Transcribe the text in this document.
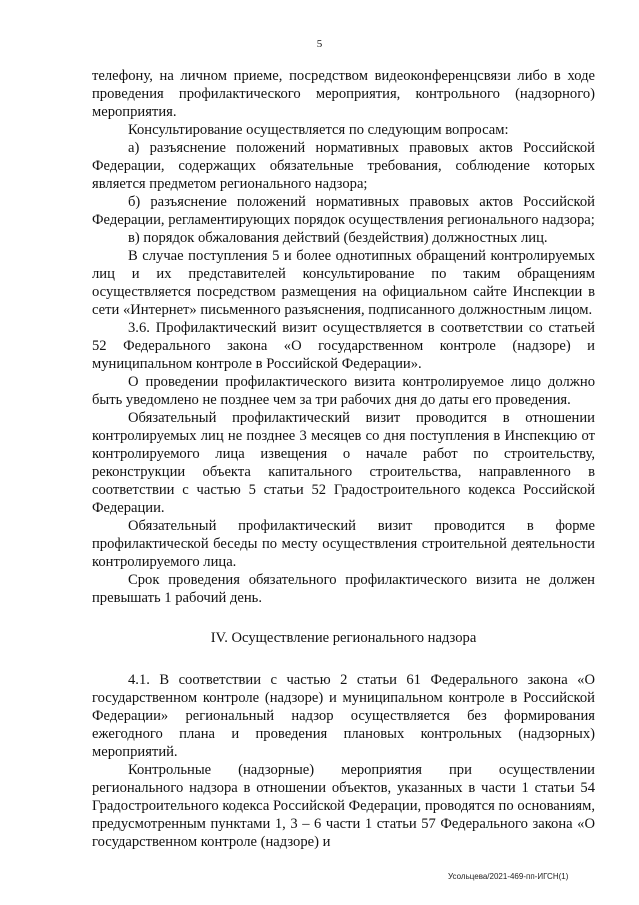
5

телефону, на личном приеме, посредством видеоконференцсвязи либо в ходе проведения профилактического мероприятия, контрольного (надзорного) мероприятия.

Консультирование осуществляется по следующим вопросам:

а) разъяснение положений нормативных правовых актов Российской Федерации, содержащих обязательные требования, соблюдение которых является предметом регионального надзора;

б) разъяснение положений нормативных правовых актов Российской Федерации, регламентирующих порядок осуществления регионального надзора;

в) порядок обжалования действий (бездействия) должностных лиц.

В случае поступления 5 и более однотипных обращений контролируемых лиц и их представителей консультирование по таким обращениям осуществляется посредством размещения на официальном сайте Инспекции в сети «Интернет» письменного разъяснения, подписанного должностным лицом.

3.6. Профилактический визит осуществляется в соответствии со статьей 52 Федерального закона «О государственном контроле (надзоре) и муниципальном контроле в Российской Федерации».

О проведении профилактического визита контролируемое лицо должно быть уведомлено не позднее чем за три рабочих дня до даты его проведения.

Обязательный профилактический визит проводится в отношении контролируемых лиц не позднее 3 месяцев со дня поступления в Инспекцию от контролируемого лица извещения о начале работ по строительству, реконструкции объекта капитального строительства, направленного в соответствии с частью 5 статьи 52 Градостроительного кодекса Российской Федерации.

Обязательный профилактический визит проводится в форме профилактической беседы по месту осуществления строительной деятельности контролируемого лица.

Срок проведения обязательного профилактического визита не должен превышать 1 рабочий день.

IV. Осуществление регионального надзора

4.1. В соответствии с частью 2 статьи 61 Федерального закона «О государственном контроле (надзоре) и муниципальном контроле в Российской Федерации» региональный надзор осуществляется без формирования ежегодного плана и проведения плановых контрольных (надзорных) мероприятий.

Контрольные (надзорные) мероприятия при осуществлении регионального надзора в отношении объектов, указанных в части 1 статьи 54 Градостроительного кодекса Российской Федерации, проводятся по основаниям, предусмотренным пунктами 1, 3 – 6 части 1 статьи 57 Федерального закона «О государственном контроле (надзоре) и

Усольцева/2021-469-пп-ИГСН(1)
